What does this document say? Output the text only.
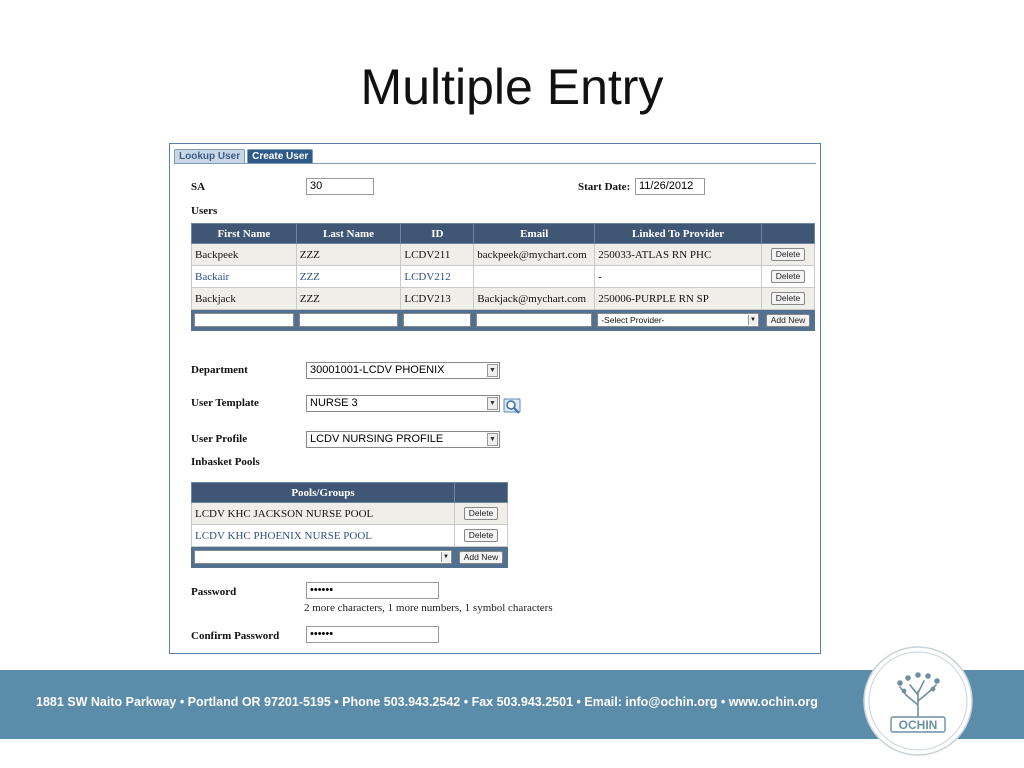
Multiple Entry
Lookup User	Create User
SA	30	Start Date: 11/26/2012
Users
First Name	Last Name	ID	Email	Linked To Provider	
Backpeek	ZZZ	LCDV211	backpeek@mychart.com	250033-ATLAS RN PHC	Delete
Backair	ZZZ	LCDV212		-	Delete
Backjack	ZZZ	LCDV213	Backjack@mychart.com	250006-PURPLE RN SP	Delete

				-Select Provider- ▼	Add New
Department	30001001-LCDV PHOENIX	▼
User Template	NURSE 3	▼
User Profile	LCDV NURSING PROFILE	▼
Inbasket Pools
Pools/Groups	
LCDV KHC JACKSON NURSE POOL	Delete
LCDV KHC PHOENIX NURSE POOL	Delete

▼	Add New
Password	••••••
2 more characters, 1 more numbers, 1 symbol characters
Confirm Password	••••••
1881 SW Naito Parkway • Portland OR 97201-5195 • Phone 503.943.2542 • Fax 503.943.2501 • Email: info@ochin.org • www.ochin.org
OCHIN
